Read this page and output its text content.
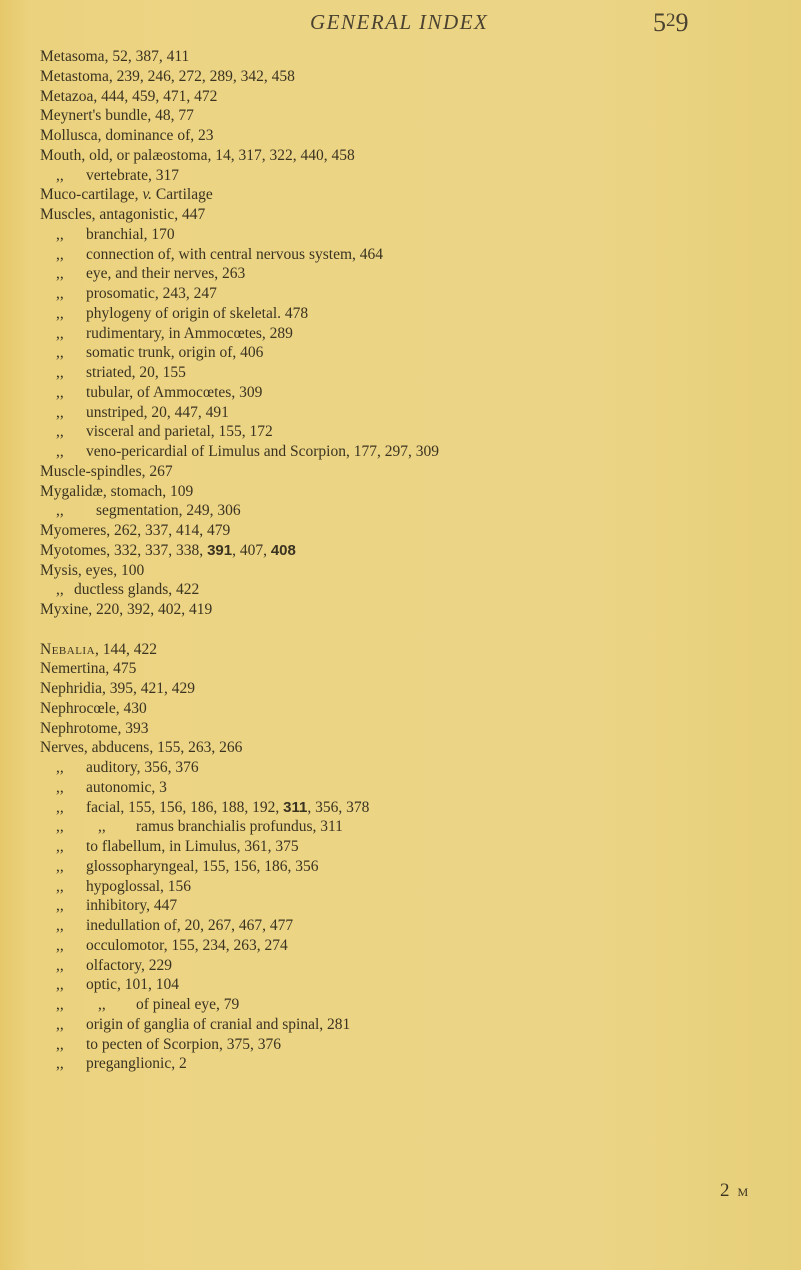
GENERAL INDEX	$5^29$
Metasoma, 52, 387, 411
Metastoma, 239, 246, 272, 289, 342, 458
Metazoa, 444, 459, 471, 472
Meynert's bundle, 48, 77
Mollusca, dominance of, 23
Mouth, old, or palæostoma, 14, 317, 322, 440, 458
,, vertebrate, 317
Muco-cartilage, v. Cartilage
Muscles, antagonistic, 447
,, branchial, 170
,, connection of, with central nervous system, 464
,, eye, and their nerves, 263
,, prosomatic, 243, 247
,, phylogeny of origin of skeletal. 478
,, rudimentary, in Ammocœtes, 289
,, somatic trunk, origin of, 406
,, striated, 20, 155
,, tubular, of Ammocœtes, 309
,, unstriped, 20, 447, 491
,, visceral and parietal, 155, 172
,, veno-pericardial of Limulus and Scorpion, 177, 297, 309
Muscle-spindles, 267
Mygalidæ, stomach, 109
,, segmentation, 249, 306
Myomeres, 262, 337, 414, 479
Myotomes, 332, 337, 338, 391, 407, 408
Mysis, eyes, 100
,, ductless glands, 422
Myxine, 220, 392, 402, 419
Nebalia, 144, 422
Nemertina, 475
Nephridia, 395, 421, 429
Nephrocœle, 430
Nephrotome, 393
Nerves, abducens, 155, 263, 266
,, auditory, 356, 376
,, autonomic, 3
,, facial, 155, 156, 186, 188, 192, 311, 356, 378
,, ,, ramus branchialis profundus, 311
,, to flabellum, in Limulus, 361, 375
,, glossopharyngeal, 155, 156, 186, 356
,, hypoglossal, 156
,, inhibitory, 447
,, inedullation of, 20, 267, 467, 477
,, occulomotor, 155, 234, 263, 274
,, olfactory, 229
,, optic, 101, 104
,, ,, of pineal eye, 79
,, origin of ganglia of cranial and spinal, 281
,, to pecten of Scorpion, 375, 376
,, preganglionic, 2
2 M
